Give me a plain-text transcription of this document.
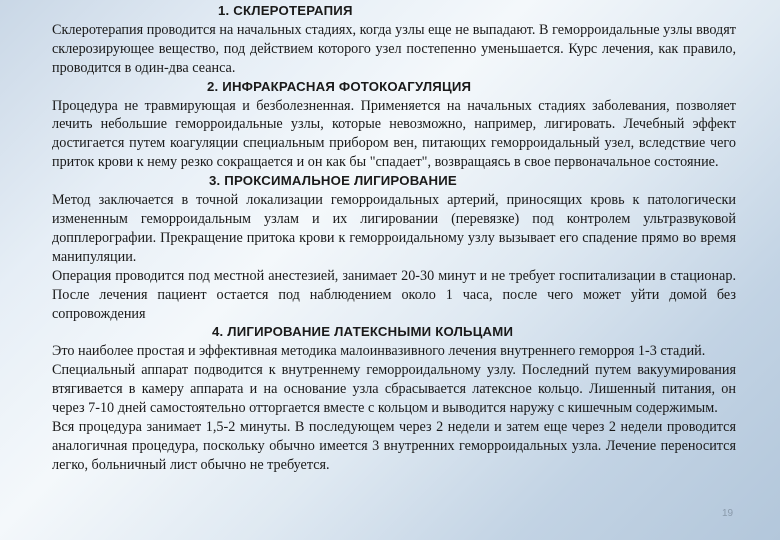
1. СКЛЕРОТЕРАПИЯ

Склеротерапия проводится на начальных стадиях, когда узлы еще не выпадают. В геморроидальные узлы вводят склерозирующее вещество, под действием которого узел постепенно уменьшается. Курс лечения, как правило, проводится в один-два сеанса.

2. ИНФРАКРАСНАЯ ФОТОКОАГУЛЯЦИЯ

Процедура не травмирующая и безболезненная. Применяется на начальных стадиях заболевания, позволяет лечить небольшие геморроидальные узлы, которые невозможно, например, лигировать. Лечебный эффект достигается путем коагуляции специальным прибором вен, питающих геморроидальный узел, вследствие чего приток крови к нему резко сокращается и он как бы "спадает", возвращаясь в свое первоначальное состояние.

3. ПРОКСИМАЛЬНОЕ ЛИГИРОВАНИЕ

Метод заключается в точной локализации геморроидальных артерий, приносящих кровь к патологически измененным геморроидальным узлам и их лигировании (перевязке) под контролем ультразвуковой допплерографии. Прекращение притока крови к геморроидальному узлу вызывает его спадение прямо во время манипуляции.

Операция проводится под местной анестезией, занимает 20-30 минут и не требует госпитализации в стационар. После лечения пациент остается под наблюдением около 1 часа, после чего может уйти домой без сопровождения

4. ЛИГИРОВАНИЕ ЛАТЕКСНЫМИ КОЛЬЦАМИ

Это наиболее простая и эффективная методика малоинвазивного лечения внутреннего геморроя 1-3 стадий.

Специальный аппарат подводится к внутреннему геморроидальному узлу. Последний путем вакуумирования втягивается в камеру аппарата и на основание узла сбрасывается латексное кольцо. Лишенный питания, он через 7-10 дней самостоятельно отторгается вместе с кольцом и выводится наружу с кишечным содержимым.

Вся процедура занимает 1,5-2 минуты. В последующем через 2 недели и затем еще через 2 недели проводится аналогичная процедура, поскольку обычно имеется 3 внутренних геморроидальных узла. Лечение переносится легко, больничный лист обычно не требуется.

19
